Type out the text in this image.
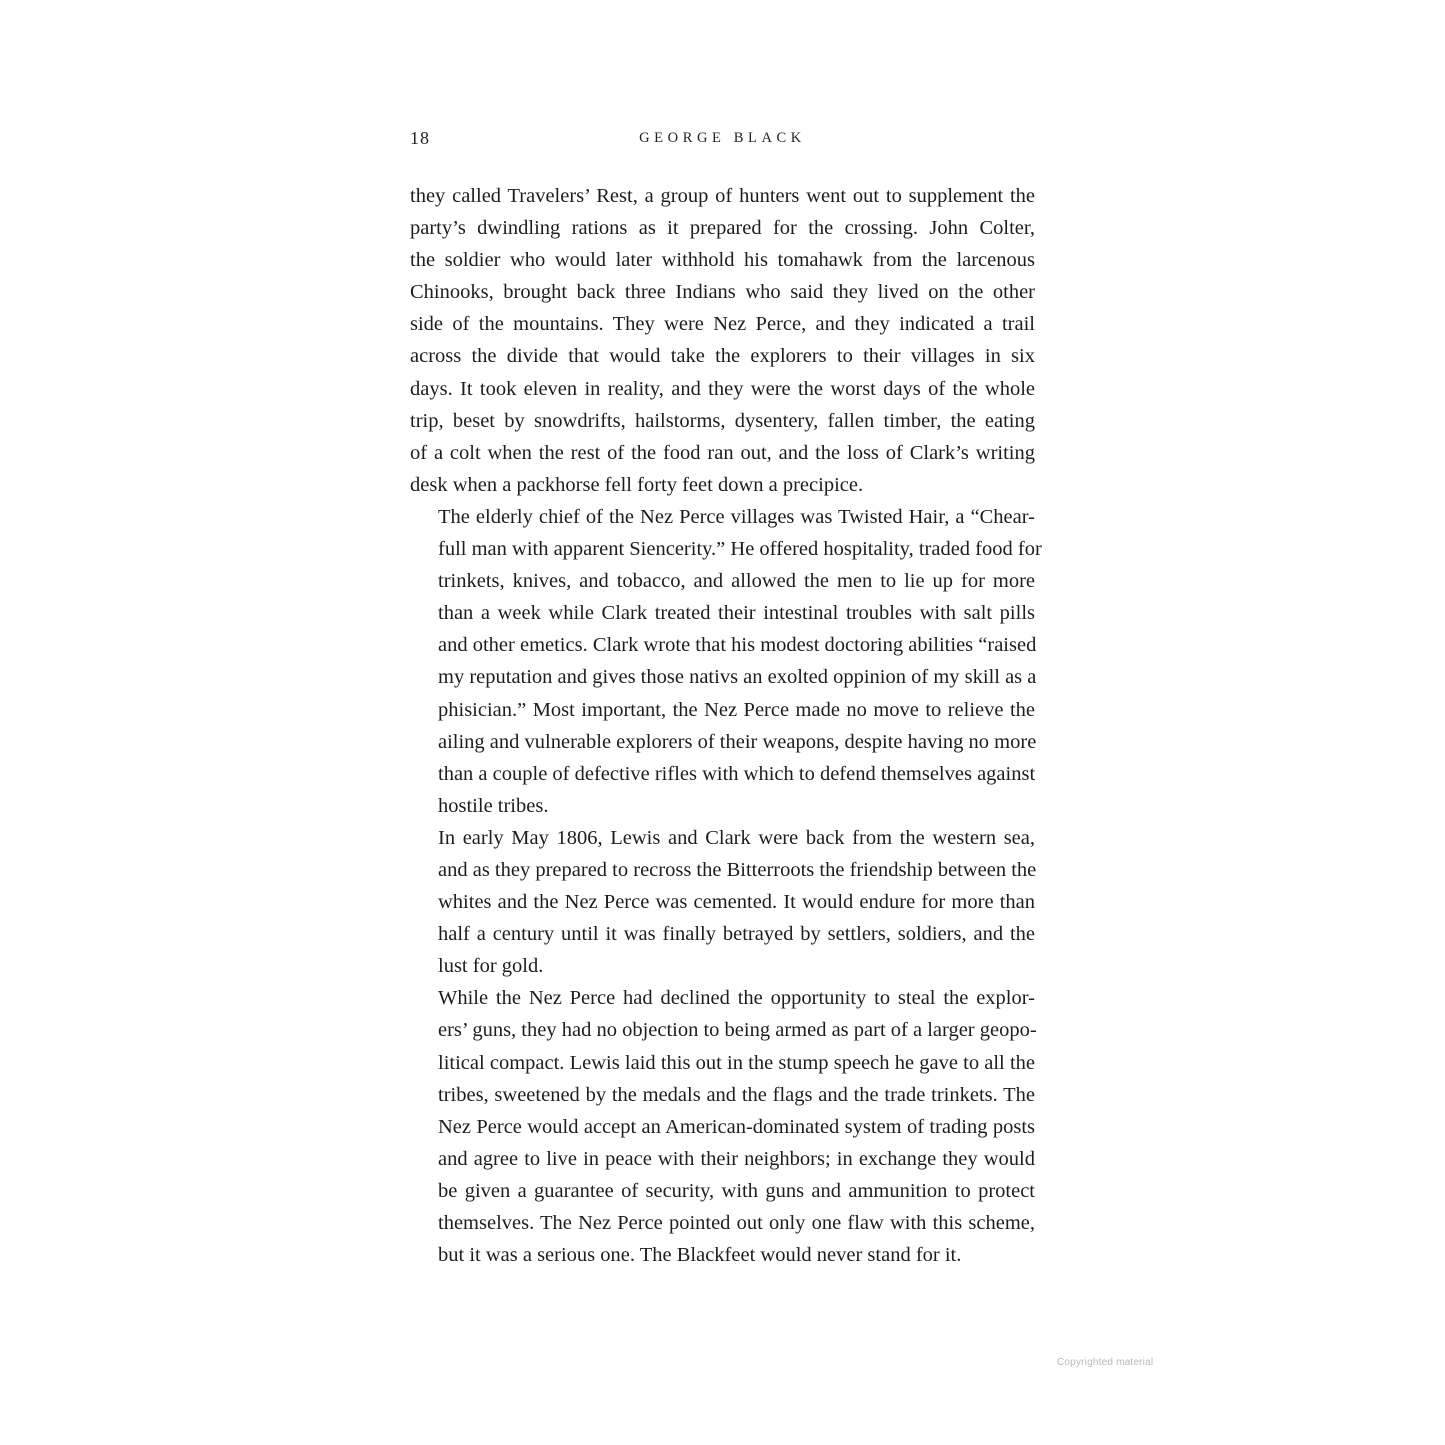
18	GEORGE BLACK

they called Travelers’ Rest, a group of hunters went out to supplement the
party’s dwindling rations as it prepared for the crossing. John Colter,
the soldier who would later withhold his tomahawk from the larcenous
Chinooks, brought back three Indians who said they lived on the other
side of the mountains. They were Nez Perce, and they indicated a trail
across the divide that would take the explorers to their villages in six
days. It took eleven in reality, and they were the worst days of the whole
trip, beset by snowdrifts, hailstorms, dysentery, fallen timber, the eating
of a colt when the rest of the food ran out, and the loss of Clark’s writing
desk when a packhorse fell forty feet down a precipice.

The elderly chief of the Nez Perce villages was Twisted Hair, a “Chear-
full man with apparent Siencerity.” He offered hospitality, traded food for
trinkets, knives, and tobacco, and allowed the men to lie up for more
than a week while Clark treated their intestinal troubles with salt pills
and other emetics. Clark wrote that his modest doctoring abilities “raised
my reputation and gives those nativs an exolted oppinion of my skill as a
phisician.” Most important, the Nez Perce made no move to relieve the
ailing and vulnerable explorers of their weapons, despite having no more
than a couple of defective rifles with which to defend themselves against
hostile tribes.

In early May 1806, Lewis and Clark were back from the western sea,
and as they prepared to recross the Bitterroots the friendship between the
whites and the Nez Perce was cemented. It would endure for more than
half a century until it was finally betrayed by settlers, soldiers, and the
lust for gold.

While the Nez Perce had declined the opportunity to steal the explor-
ers’ guns, they had no objection to being armed as part of a larger geopo-
litical compact. Lewis laid this out in the stump speech he gave to all the
tribes, sweetened by the medals and the flags and the trade trinkets. The
Nez Perce would accept an American-dominated system of trading posts
and agree to live in peace with their neighbors; in exchange they would
be given a guarantee of security, with guns and ammunition to protect
themselves. The Nez Perce pointed out only one flaw with this scheme,
but it was a serious one. The Blackfeet would never stand for it.

Copyrighted material
